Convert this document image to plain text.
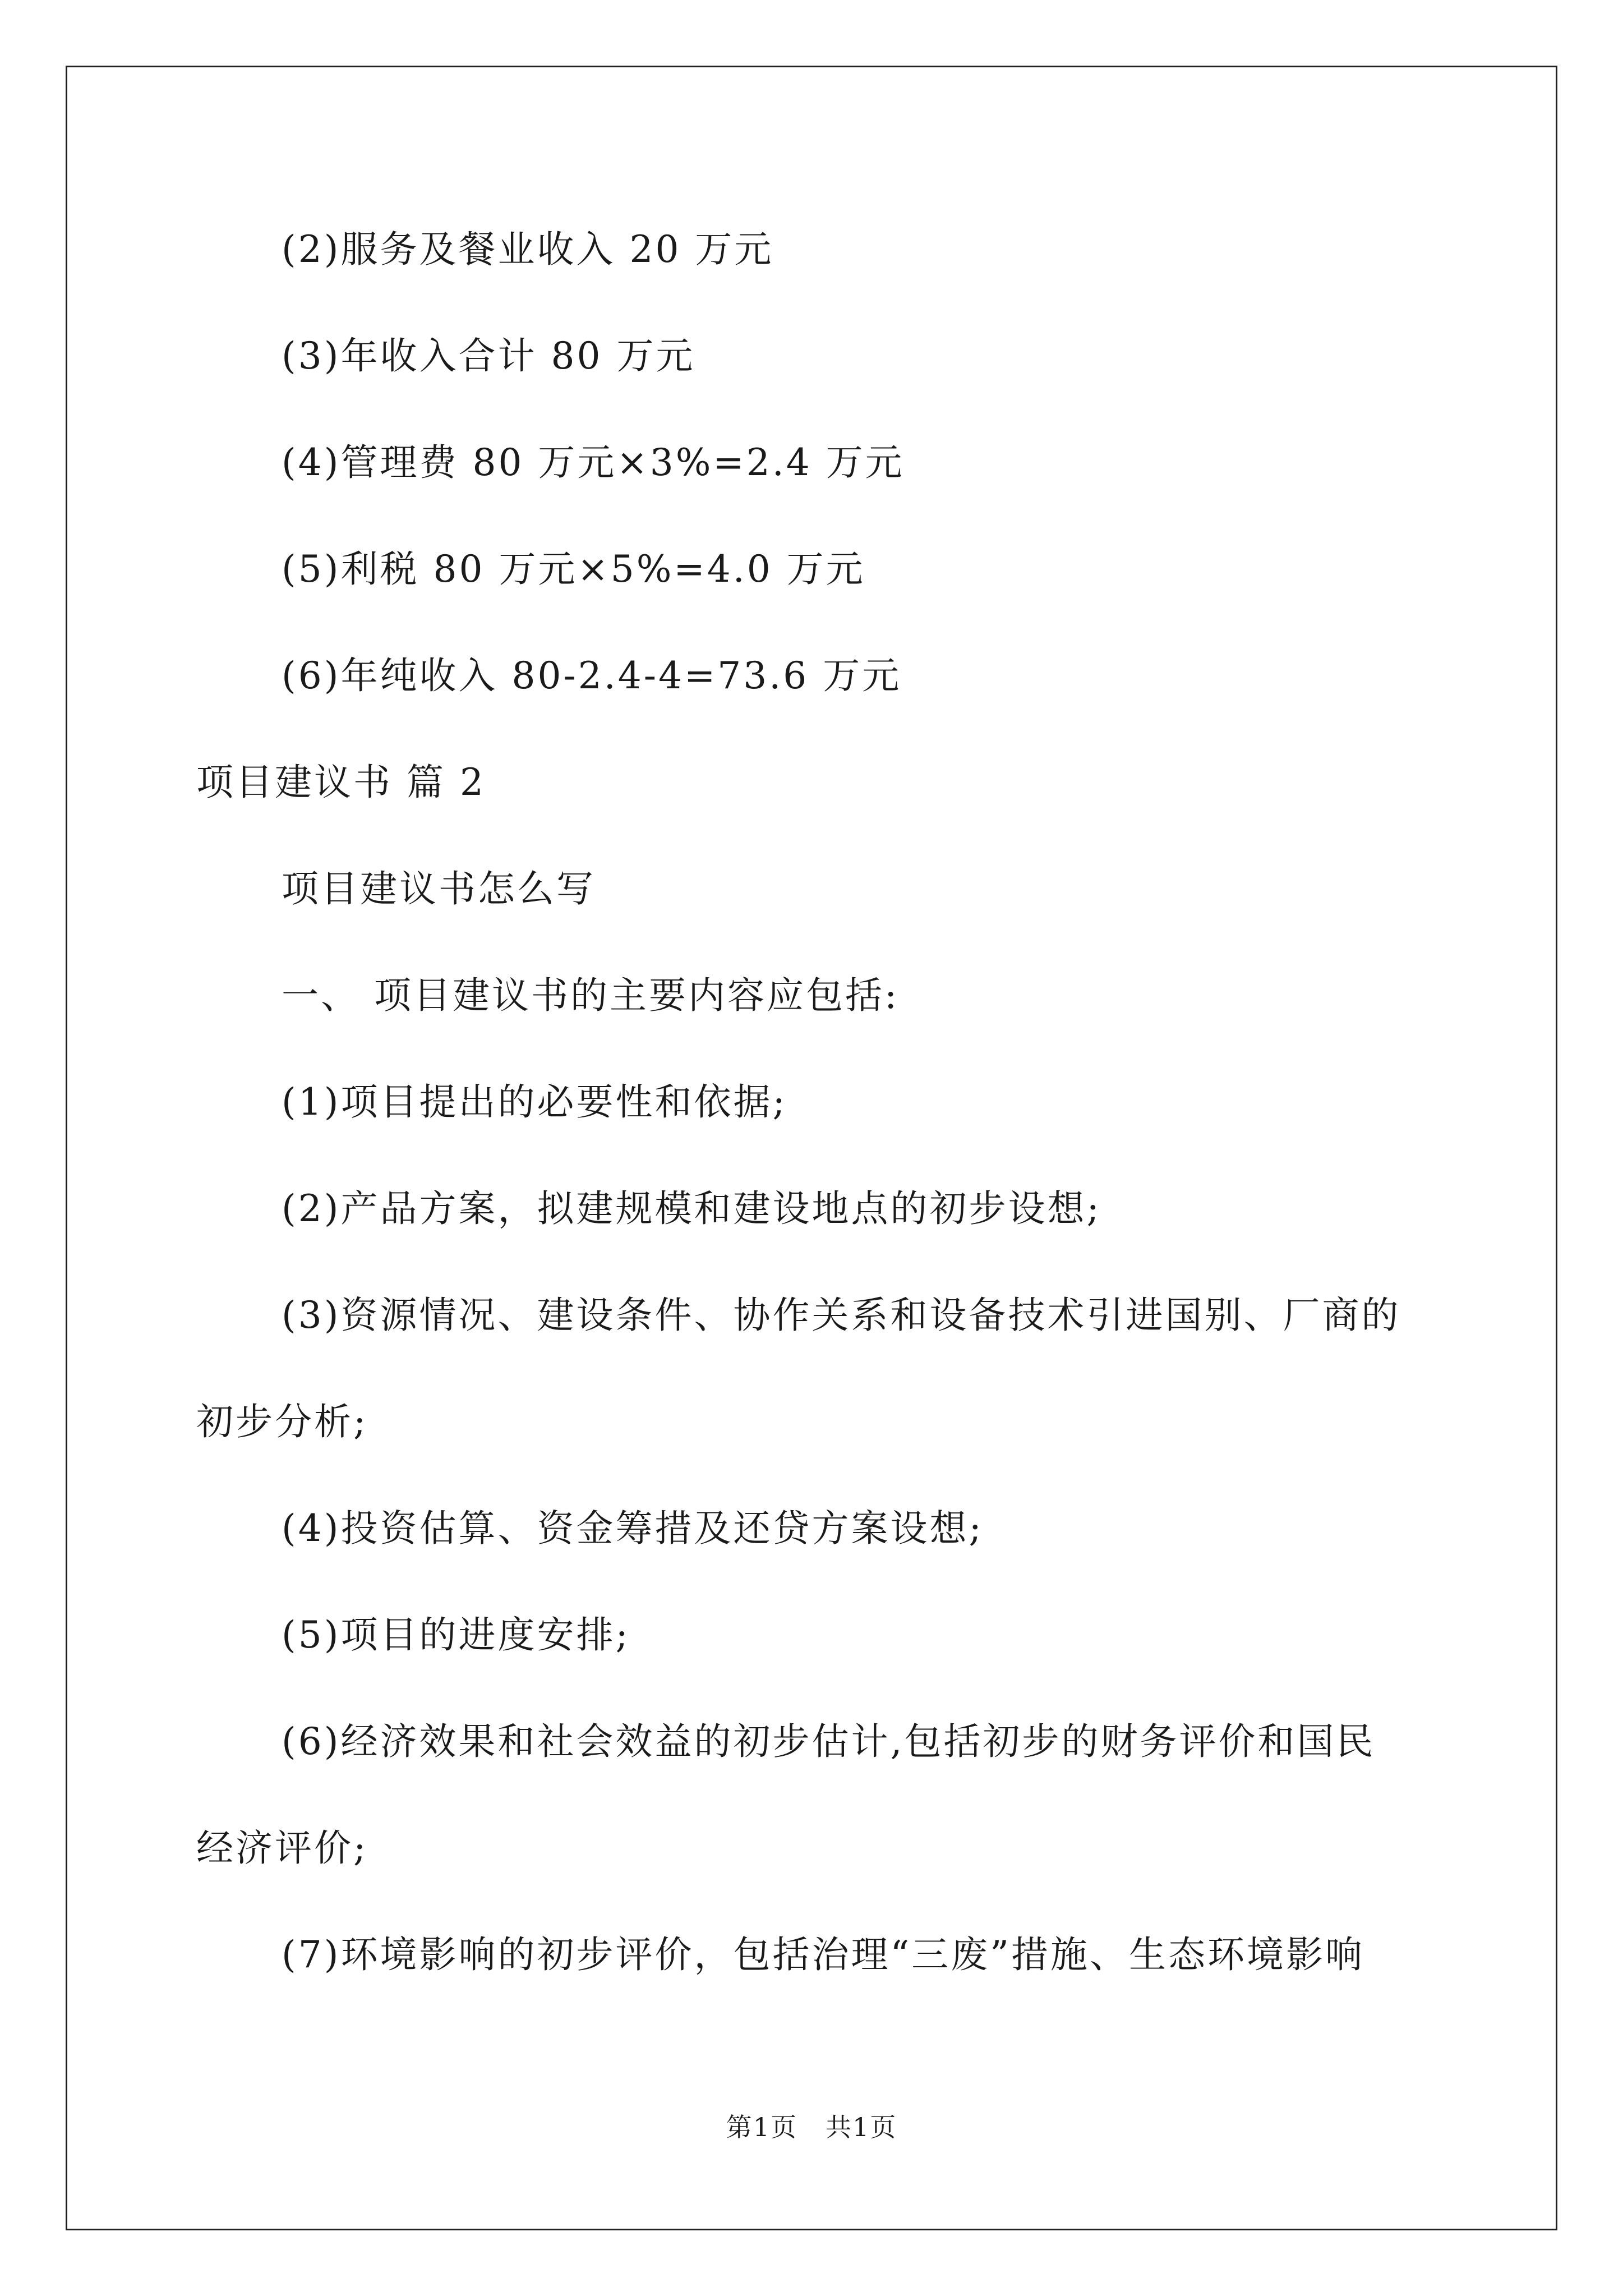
(2)服务及餐业收入 20 万元
(3)年收入合计 80 万元
(4)管理费 80 万元×3%=2.4 万元
(5)利税 80 万元×5%=4.0 万元
(6)年纯收入 80-2.4-4=73.6 万元
项目建议书 篇 2
项目建议书怎么写
一、 项目建议书的主要内容应包括:
(1)项目提出的必要性和依据;
(2)产品方案，拟建规模和建设地点的初步设想;
(3)资源情况、建设条件、协作关系和设备技术引进国别、厂商的
初步分析;
(4)投资估算、资金筹措及还贷方案设想;
(5)项目的进度安排;
(6)经济效果和社会效益的初步估计,包括初步的财务评价和国民
经济评价;
(7)环境影响的初步评价，包括治理“三废”措施、生态环境影响
第1页 共1页
